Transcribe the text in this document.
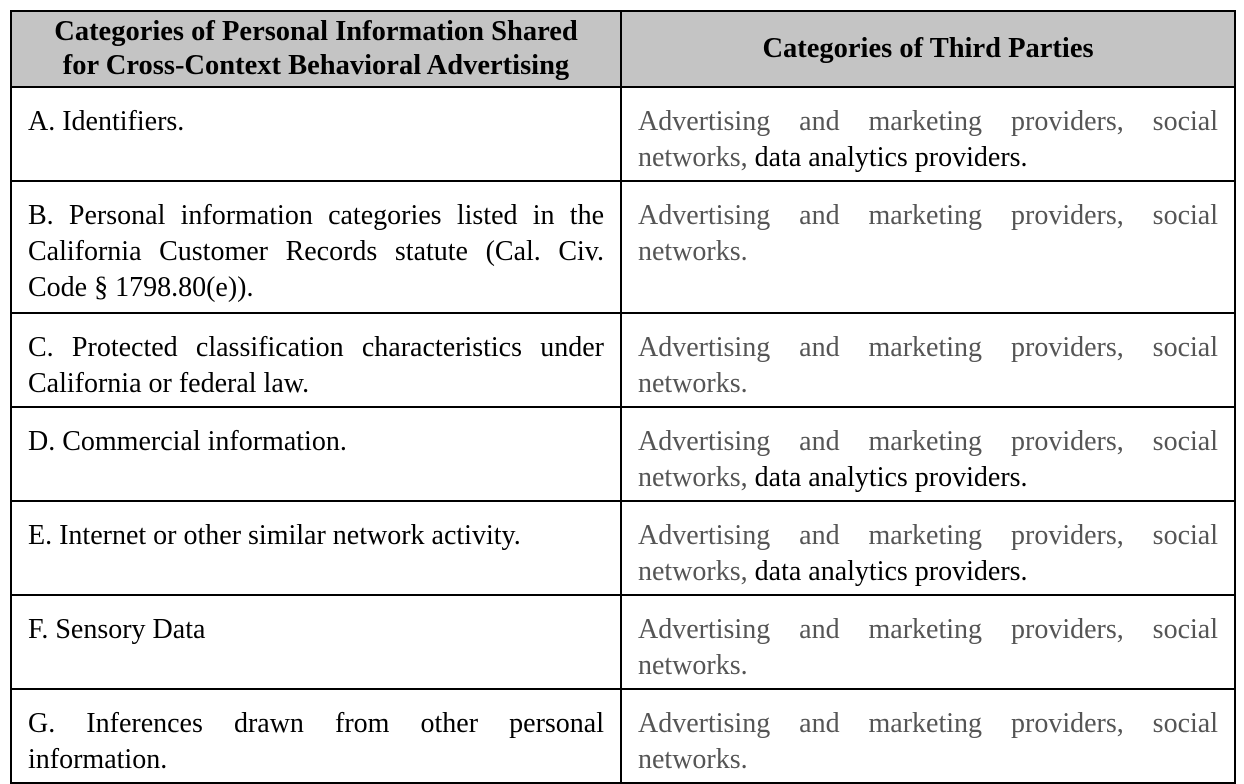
Categories of Personal Information Shared
for Cross-Context Behavioral Advertising	Categories of Third Parties
A. Identifiers.	Advertising and marketing providers, social networks, data analytics providers.
B. Personal information categories listed in the California Customer Records statute (Cal. Civ. Code § 1798.80(e)).	Advertising and marketing providers, social networks.
C. Protected classification characteristics under California or federal law.	Advertising and marketing providers, social networks.
D. Commercial information.	Advertising and marketing providers, social networks, data analytics providers.
E. Internet or other similar network activity.	Advertising and marketing providers, social networks, data analytics providers.
F. Sensory Data	Advertising and marketing providers, social networks.
G. Inferences drawn from other personal information.	Advertising and marketing providers, social networks.
